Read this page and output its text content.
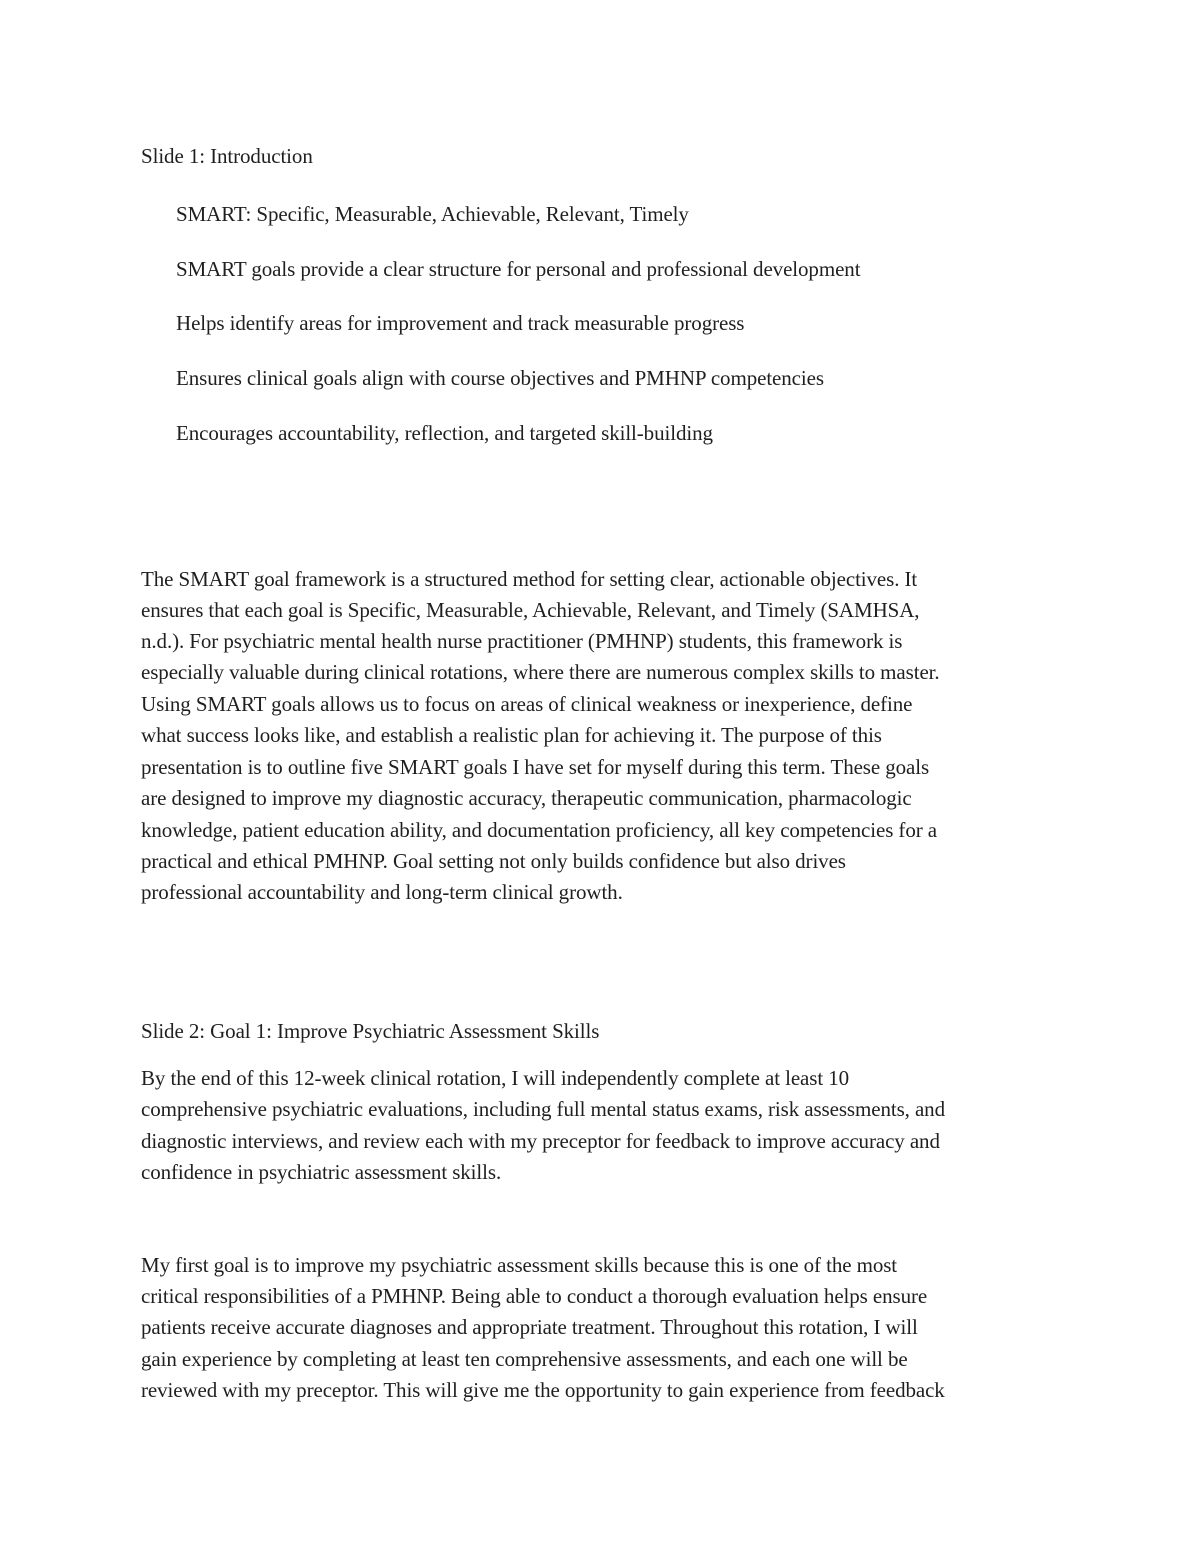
Slide 1: Introduction
SMART: Specific, Measurable, Achievable, Relevant, Timely
SMART goals provide a clear structure for personal and professional development
Helps identify areas for improvement and track measurable progress
Ensures clinical goals align with course objectives and PMHNP competencies
Encourages accountability, reflection, and targeted skill-building
The SMART goal framework is a structured method for setting clear, actionable objectives. It
ensures that each goal is Specific, Measurable, Achievable, Relevant, and Timely (SAMHSA,
n.d.). For psychiatric mental health nurse practitioner (PMHNP) students, this framework is
especially valuable during clinical rotations, where there are numerous complex skills to master.
Using SMART goals allows us to focus on areas of clinical weakness or inexperience, define
what success looks like, and establish a realistic plan for achieving it. The purpose of this
presentation is to outline five SMART goals I have set for myself during this term. These goals
are designed to improve my diagnostic accuracy, therapeutic communication, pharmacologic
knowledge, patient education ability, and documentation proficiency, all key competencies for a
practical and ethical PMHNP. Goal setting not only builds confidence but also drives
professional accountability and long-term clinical growth.
Slide 2: Goal 1: Improve Psychiatric Assessment Skills
By the end of this 12-week clinical rotation, I will independently complete at least 10
comprehensive psychiatric evaluations, including full mental status exams, risk assessments, and
diagnostic interviews, and review each with my preceptor for feedback to improve accuracy and
confidence in psychiatric assessment skills.
My first goal is to improve my psychiatric assessment skills because this is one of the most
critical responsibilities of a PMHNP. Being able to conduct a thorough evaluation helps ensure
patients receive accurate diagnoses and appropriate treatment. Throughout this rotation, I will
gain experience by completing at least ten comprehensive assessments, and each one will be
reviewed with my preceptor. This will give me the opportunity to gain experience from feedback
